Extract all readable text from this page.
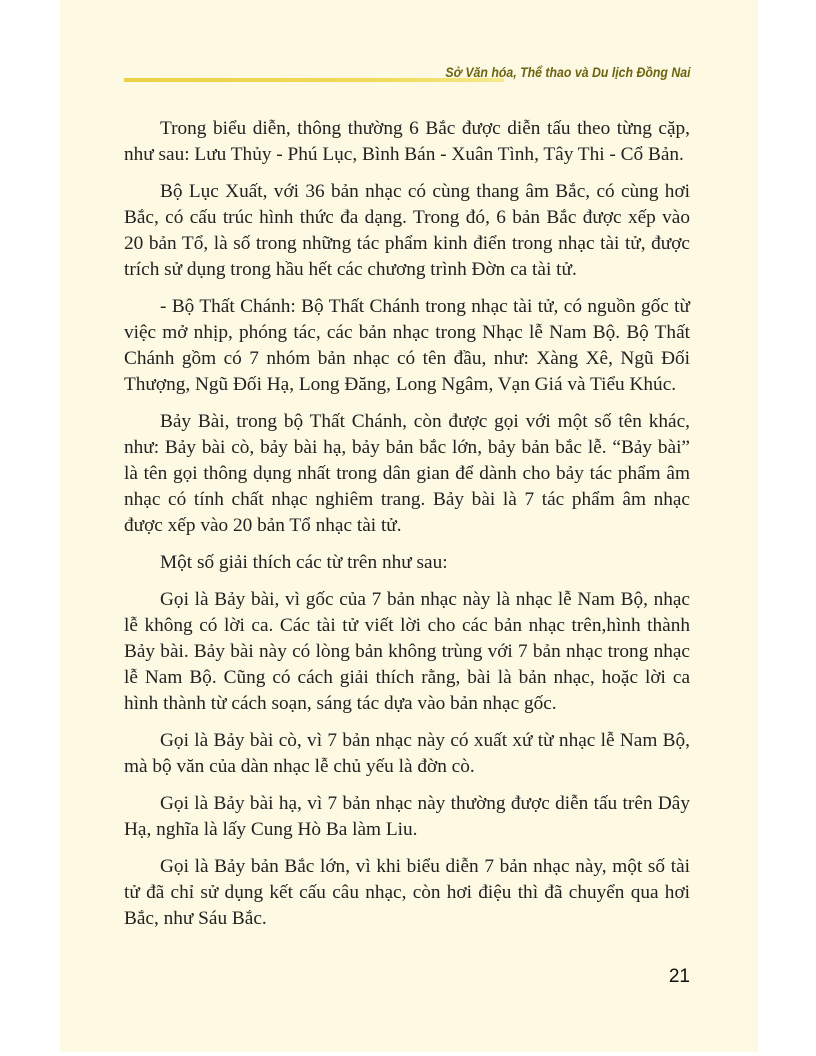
Sở Văn hóa, Thể thao và Du lịch Đồng Nai

Trong biểu diễn, thông thường 6 Bắc được diễn tấu theo từng cặp, như sau: Lưu Thủy - Phú Lục, Bình Bán - Xuân Tình, Tây Thi - Cổ Bản.

Bộ Lục Xuất, với 36 bản nhạc có cùng thang âm Bắc, có cùng hơi Bắc, có cấu trúc hình thức đa dạng. Trong đó, 6 bản Bắc được xếp vào 20 bản Tổ, là số trong những tác phẩm kinh điển trong nhạc tài tử, được trích sử dụng trong hầu hết các chương trình Đờn ca tài tử.

- Bộ Thất Chánh: Bộ Thất Chánh trong nhạc tài tử, có nguồn gốc từ việc mở nhịp, phóng tác, các bản nhạc trong Nhạc lễ Nam Bộ. Bộ Thất Chánh gồm có 7 nhóm bản nhạc có tên đầu, như: Xàng Xê, Ngũ Đối Thượng, Ngũ Đối Hạ, Long Đăng, Long Ngâm, Vạn Giá và Tiểu Khúc.

Bảy Bài, trong bộ Thất Chánh, còn được gọi với một số tên khác, như: Bảy bài cò, bảy bài hạ, bảy bản bắc lớn, bảy bản bắc lễ. “Bảy bài” là tên gọi thông dụng nhất trong dân gian để dành cho bảy tác phẩm âm nhạc có tính chất nhạc nghiêm trang. Bảy bài là 7 tác phẩm âm nhạc được xếp vào 20 bản Tổ nhạc tài tử.

Một số giải thích các từ trên như sau:

Gọi là Bảy bài, vì gốc của 7 bản nhạc này là nhạc lễ Nam Bộ, nhạc lễ không có lời ca. Các tài tử viết lời cho các bản nhạc trên,hình thành Bảy bài. Bảy bài này có lòng bản không trùng với 7 bản nhạc trong nhạc lễ Nam Bộ. Cũng có cách giải thích rằng, bài là bản nhạc, hoặc lời ca hình thành từ cách soạn, sáng tác dựa vào bản nhạc gốc.

Gọi là Bảy bài cò, vì 7 bản nhạc này có xuất xứ từ nhạc lễ Nam Bộ, mà bộ văn của dàn nhạc lễ chủ yếu là đờn cò.

Gọi là Bảy bài hạ, vì 7 bản nhạc này thường được diễn tấu trên Dây Hạ, nghĩa là lấy Cung Hò Ba làm Liu.

Gọi là Bảy bản Bắc lớn, vì khi biểu diễn 7 bản nhạc này, một số tài tử đã chỉ sử dụng kết cấu câu nhạc, còn hơi điệu thì đã chuyển qua hơi Bắc, như Sáu Bắc.

21
